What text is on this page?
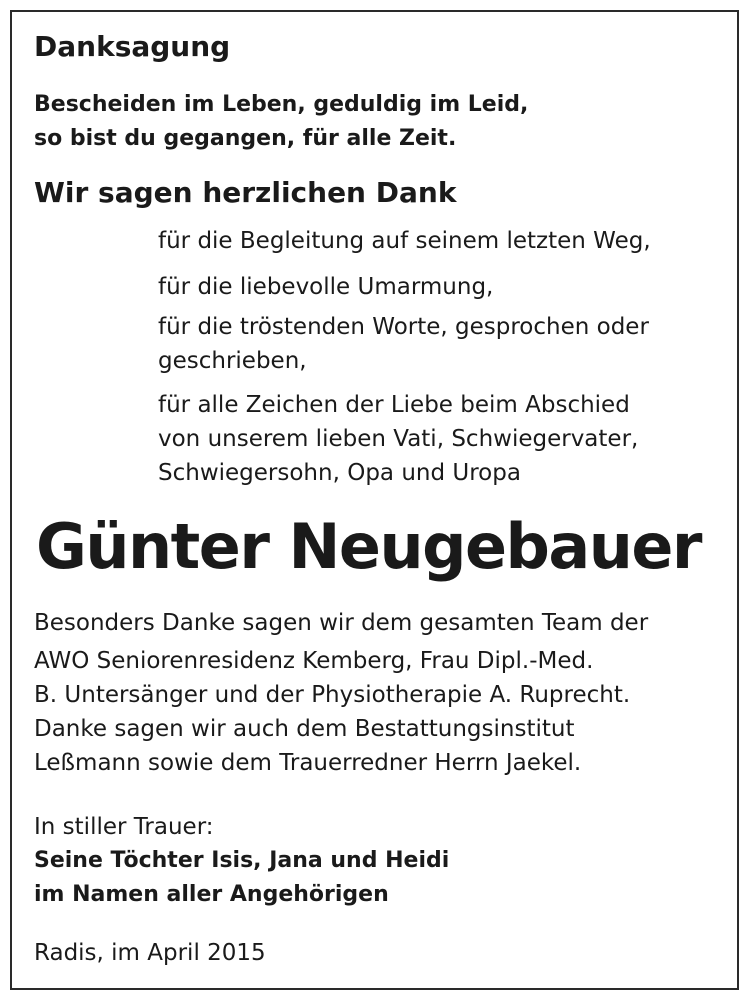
Danksagung

Bescheiden im Leben, geduldig im Leid,

so bist du gegangen, für alle Zeit.

Wir sagen herzlichen Dank

für die Begleitung auf seinem letzten Weg,

für die liebevolle Umarmung,

für die tröstenden Worte, gesprochen oder

geschrieben,

für alle Zeichen der Liebe beim Abschied

von unserem lieben Vati, Schwiegervater,

Schwiegersohn, Opa und Uropa

Günter Neugebauer

Besonders Danke sagen wir dem gesamten Team der

AWO Seniorenresidenz Kemberg, Frau Dipl.-Med.

B. Untersänger und der Physiotherapie A. Ruprecht.

Danke sagen wir auch dem Bestattungsinstitut

Leßmann sowie dem Trauerredner Herrn Jaekel.

In stiller Trauer:

Seine Töchter Isis, Jana und Heidi

im Namen aller Angehörigen

Radis, im April 2015
